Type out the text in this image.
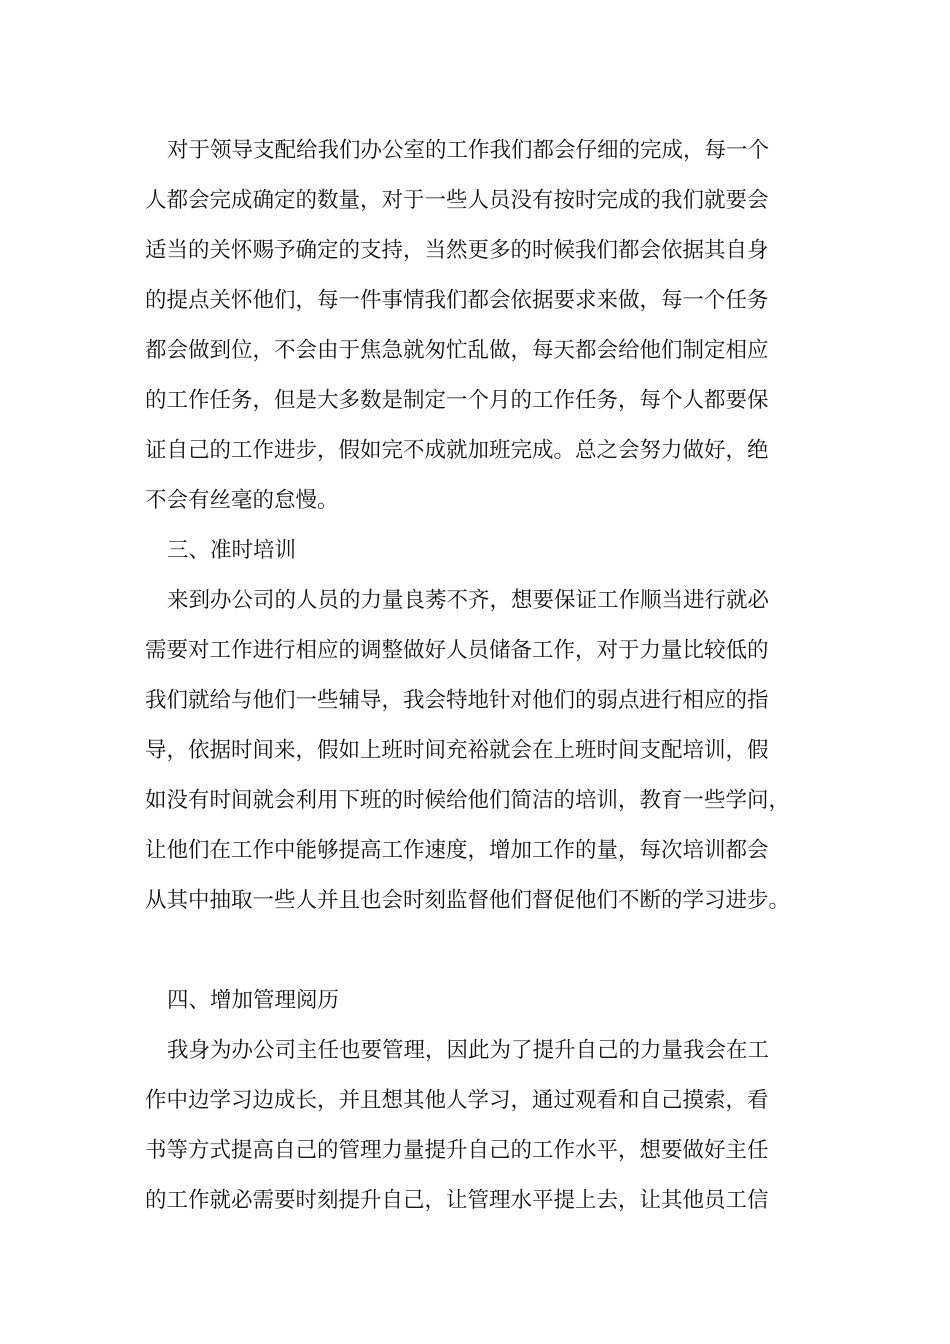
对于领导支配给我们办公室的工作我们都会仔细的完成，每一个
人都会完成确定的数量，对于一些人员没有按时完成的我们就要会
适当的关怀赐予确定的支持，当然更多的时候我们都会依据其自身
的提点关怀他们，每一件事情我们都会依据要求来做，每一个任务
都会做到位，不会由于焦急就匆忙乱做，每天都会给他们制定相应
的工作任务，但是大多数是制定一个月的工作任务，每个人都要保
证自己的工作进步，假如完不成就加班完成。总之会努力做好，绝
不会有丝毫的怠慢。
三、准时培训
来到办公司的人员的力量良莠不齐，想要保证工作顺当进行就必
需要对工作进行相应的调整做好人员储备工作，对于力量比较低的
我们就给与他们一些辅导，我会特地针对他们的弱点进行相应的指
导，依据时间来，假如上班时间充裕就会在上班时间支配培训，假
如没有时间就会利用下班的时候给他们简洁的培训，教育一些学问，
让他们在工作中能够提高工作速度，增加工作的量，每次培训都会
从其中抽取一些人并且也会时刻监督他们督促他们不断的学习进步。
四、增加管理阅历
我身为办公司主任也要管理，因此为了提升自己的力量我会在工
作中边学习边成长，并且想其他人学习，通过观看和自己摸索，看
书等方式提高自己的管理力量提升自己的工作水平，想要做好主任
的工作就必需要时刻提升自己，让管理水平提上去，让其他员工信
